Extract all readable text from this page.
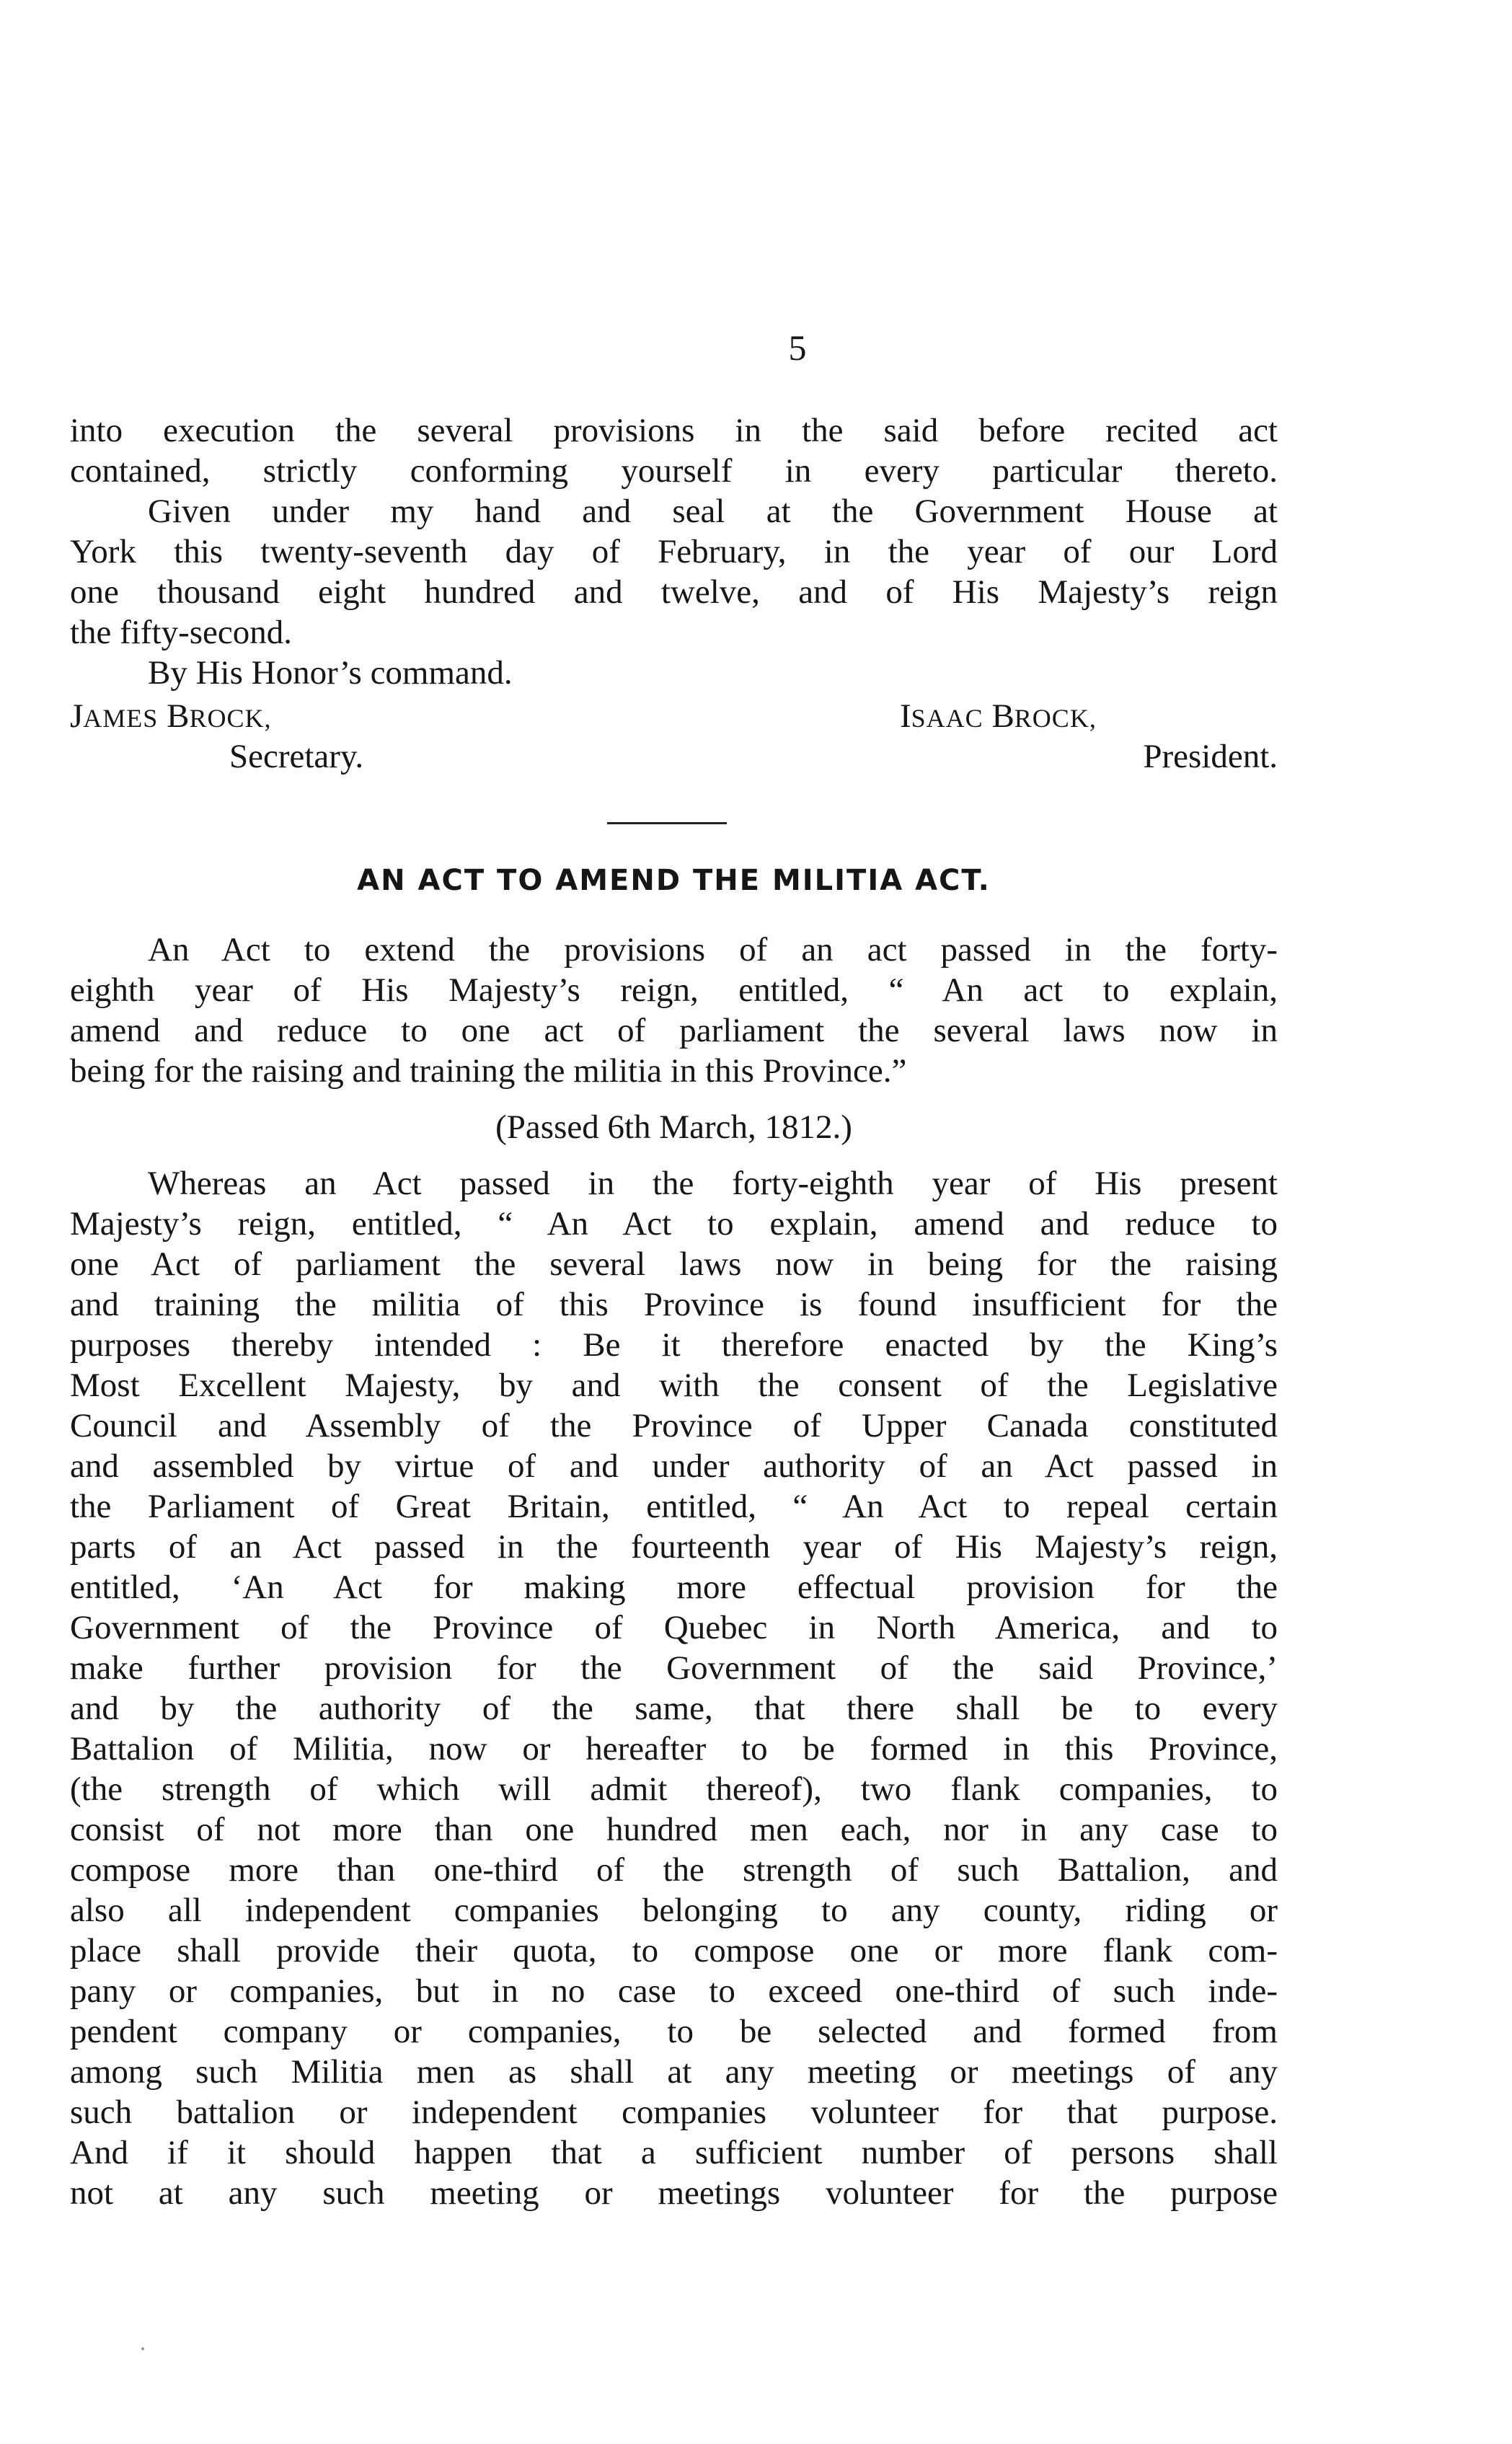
5
into execution the several provisions in the said before recited act
contained, strictly conforming yourself in every particular thereto.
Given under my hand and seal at the Government House at
York this twenty-seventh day of February, in the year of our Lord
one thousand eight hundred and twelve, and of His Majesty’s reign
the fifty-second.
By His Honor’s command.
JAMES BROCK,
Secretary.
ISAAC BROCK,
President.
AN ACT TO AMEND THE MILITIA ACT.
An Act to extend the provisions of an act passed in the forty-
eighth year of His Majesty’s reign, entitled, “ An act to explain,
amend and reduce to one act of parliament the several laws now in
being for the raising and training the militia in this Province.”
(Passed 6th March, 1812.)
Whereas an Act passed in the forty-eighth year of His present
Majesty’s reign, entitled, “ An Act to explain, amend and reduce to
one Act of parliament the several laws now in being for the raising
and training the militia of this Province is found insufficient for the
purposes thereby intended : Be it therefore enacted by the King’s
Most Excellent Majesty, by and with the consent of the Legislative
Council and Assembly of the Province of Upper Canada constituted
and assembled by virtue of and under authority of an Act passed in
the Parliament of Great Britain, entitled, “ An Act to repeal certain
parts of an Act passed in the fourteenth year of His Majesty’s reign,
entitled, ‘An Act for making more effectual provision for the
Government of the Province of Quebec in North America, and to
make further provision for the Government of the said Province,’
and by the authority of the same, that there shall be to every
Battalion of Militia, now or hereafter to be formed in this Province,
(the strength of which will admit thereof), two flank companies, to
consist of not more than one hundred men each, nor in any case to
compose more than one-third of the strength of such Battalion, and
also all independent companies belonging to any county, riding or
place shall provide their quota, to compose one or more flank com-
pany or companies, but in no case to exceed one-third of such inde-
pendent company or companies, to be selected and formed from
among such Militia men as shall at any meeting or meetings of any
such battalion or independent companies volunteer for that purpose.
And if it should happen that a sufficient number of persons shall
not at any such meeting or meetings volunteer for the purpose
